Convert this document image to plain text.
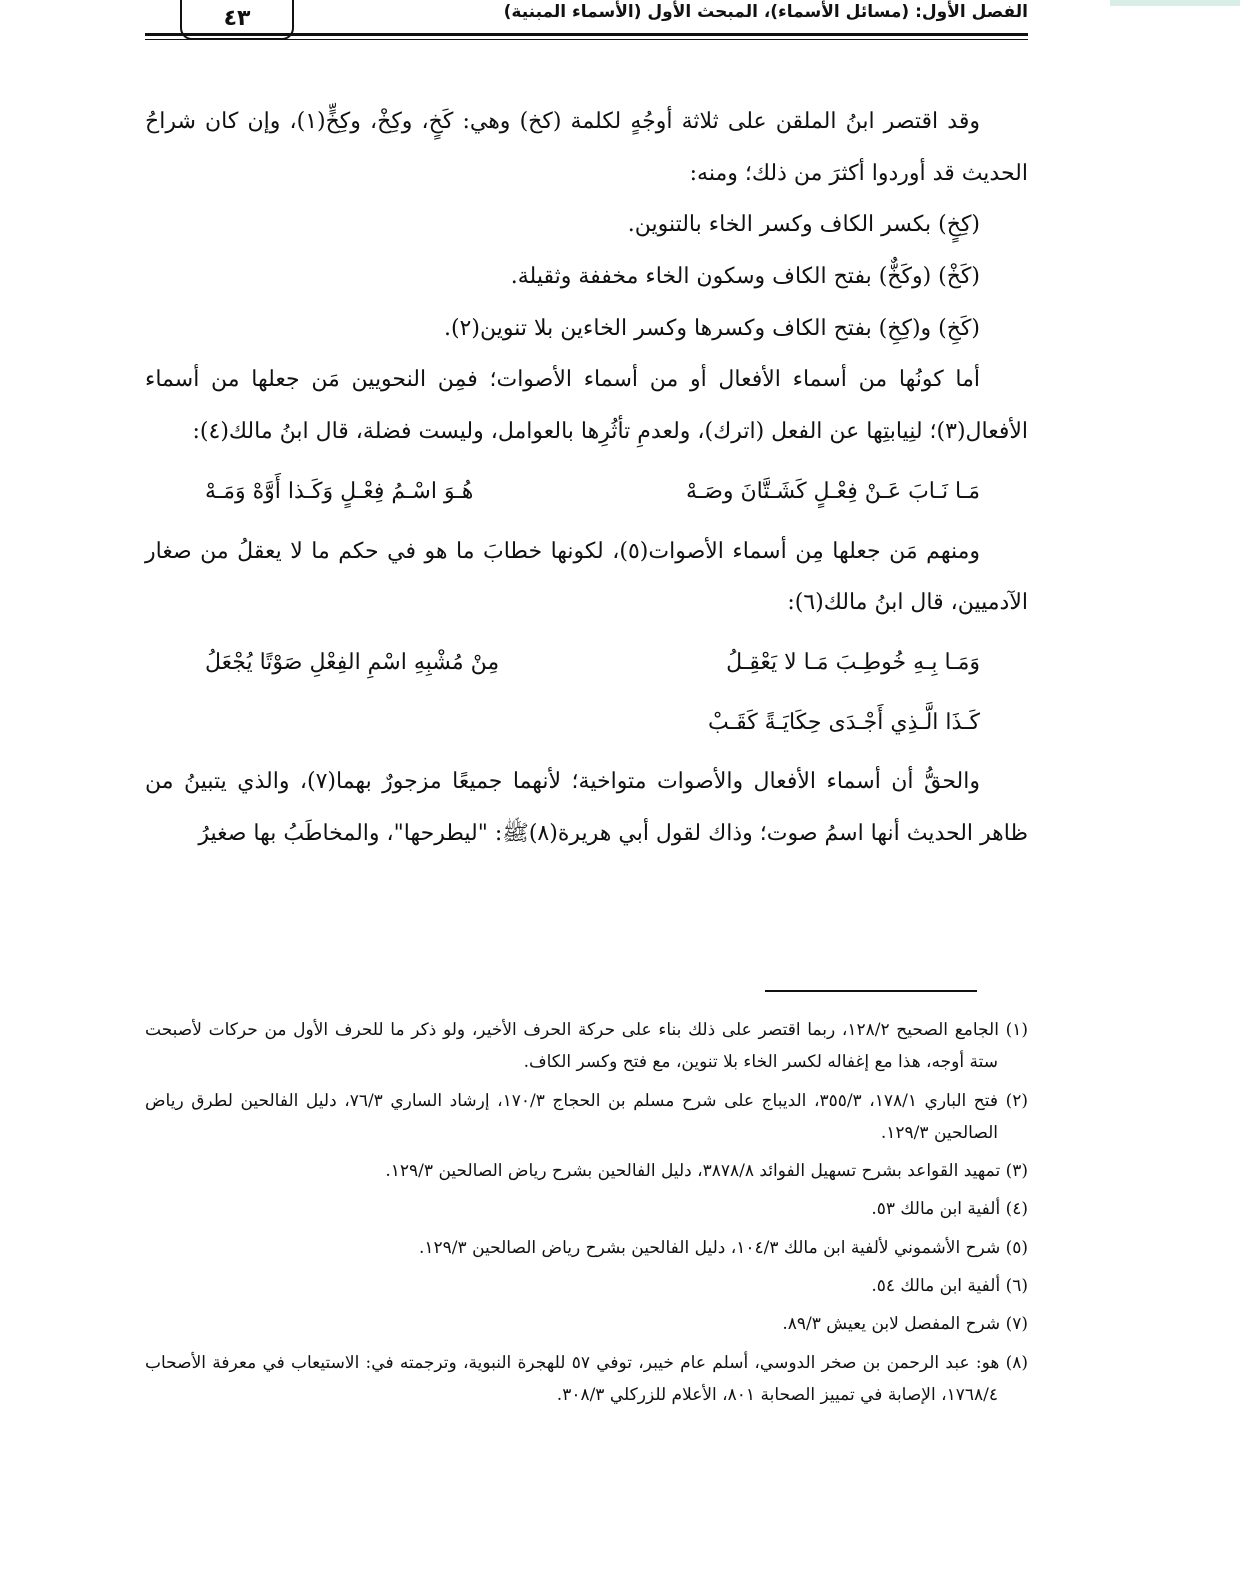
الفصل الأول: (مسائل الأسماء)، المبحث الأول (الأسماء المبنية)
٤٣

وقد اقتصر ابنُ الملقن على ثلاثة أوجُهٍ لكلمة (كخ) وهي: كَخٍ، وكِخْ، وكِخٍّ(١)، وإن كان شراحُ الحديث قد أوردوا أكثرَ من ذلك؛ ومنه:

(كِخٍ) بكسر الكاف وكسر الخاء بالتنوين.

(كَخْ) (وكَخٌّ) بفتح الكاف وسكون الخاء مخففة وثقيلة.

(كَخِ) و(كِخِ) بفتح الكاف وكسرها وكسر الخاءين بلا تنوين(٢).

أما كونُها من أسماء الأفعال أو من أسماء الأصوات؛ فمِن النحويين مَن جعلها من أسماء الأفعال(٣)؛ لنِيابتِها عن الفعل (اترك)، ولعدمِ تأثُرِها بالعوامل، وليست فضلة، قال ابنُ مالك(٤):

مَـا نَـابَ عَـنْ فِعْـلٍ كَشَـتَّانَ وصَـهْ
هُـوَ اسْـمُ فِعْـلٍ وَكَـذا أَوَّهْ وَمَـهْ

ومنهم مَن جعلها مِن أسماء الأصوات(٥)، لكونها خطابَ ما هو في حكم ما لا يعقلُ من صغار الآدميين، قال ابنُ مالك(٦):

وَمَـا بِـهِ خُوطِـبَ مَـا لا يَعْقِـلُ
مِنْ مُشْبِهِ اسْمِ الفِعْلِ صَوْتًا يُجْعَلُ
كَـذَا الَّـذِي أَجْـدَى حِكَايَـةً كَقَـبْ

والحقُّ أن أسماء الأفعال والأصوات متواخية؛ لأنهما جميعًا مزجورٌ بهما(٧)، والذي يتبينُ من ظاهر الحديث أنها اسمُ صوت؛ وذاك لقول أبي هريرة(٨)ﷺ: "ليطرحها"، والمخاطَبُ بها صغيرُ

(١) الجامع الصحيح ١٢٨/٢، ربما اقتصر على ذلك بناء على حركة الحرف الأخير، ولو ذكر ما للحرف الأول من حركات لأصبحت ستة أوجه، هذا مع إغفاله لكسر الخاء بلا تنوين، مع فتح وكسر الكاف.

(٢) فتح الباري ١٧٨/١، ٣٥٥/٣، الديباج على شرح مسلم بن الحجاج ١٧٠/٣، إرشاد الساري ٧٦/٣، دليل الفالحين لطرق رياض الصالحين ١٢٩/٣.

(٣) تمهيد القواعد بشرح تسهيل الفوائد ٣٨٧٨/٨، دليل الفالحين بشرح رياض الصالحين ١٢٩/٣.

(٤) ألفية ابن مالك ٥٣.

(٥) شرح الأشموني لألفية ابن مالك ١٠٤/٣، دليل الفالحين بشرح رياض الصالحين ١٢٩/٣.

(٦) ألفية ابن مالك ٥٤.

(٧) شرح المفصل لابن يعيش ٨٩/٣.

(٨) هو: عبد الرحمن بن صخر الدوسي، أسلم عام خيبر، توفي ٥٧ للهجرة النبوية، وترجمته في: الاستيعاب في معرفة الأصحاب ١٧٦٨/٤، الإصابة في تمييز الصحابة ٨٠١، الأعلام للزركلي ٣٠٨/٣.
